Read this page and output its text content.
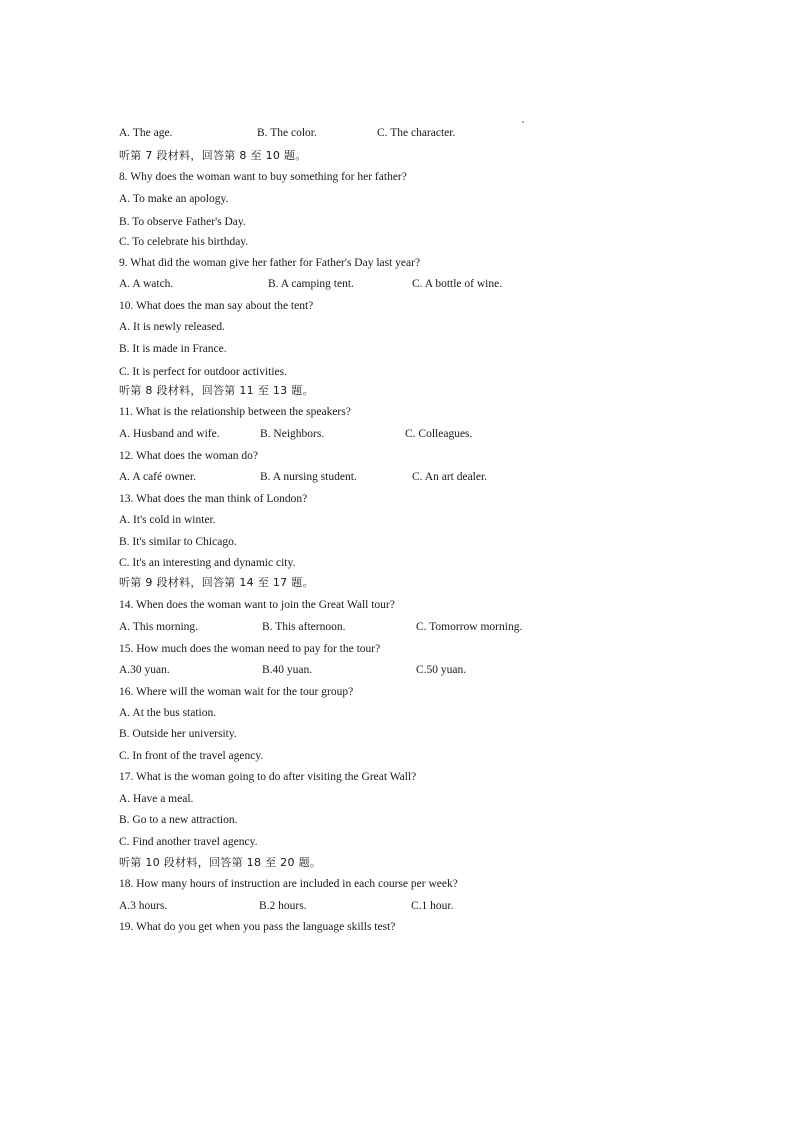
A. The age.	B. The color.	C. The character.
听第 7 段材料，回答第 8 至 10 题。
8. Why does the woman want to buy something for her father?
A. To make an apology.
B. To observe Father's Day.
C. To celebrate his birthday.
9. What did the woman give her father for Father's Day last year?
A. A watch.	B. A camping tent.	C. A bottle of wine.
10. What does the man say about the tent?
A. It is newly released.
B. It is made in France.
C. It is perfect for outdoor activities.
听第 8 段材料，回答第 11 至 13 题。
11. What is the relationship between the speakers?
A. Husband and wife.	B. Neighbors.	C. Colleagues.
12. What does the woman do?
A. A café owner.	B. A nursing student.	C. An art dealer.
13. What does the man think of London?
A. It's cold in winter.
B. It's similar to Chicago.
C. It's an interesting and dynamic city.
听第 9 段材料，回答第 14 至 17 题。
14. When does the woman want to join the Great Wall tour?
A. This morning.	B. This afternoon.	C. Tomorrow morning.
15. How much does the woman need to pay for the tour?
A.30 yuan.	B.40 yuan.	C.50 yuan.
16. Where will the woman wait for the tour group?
A. At the bus station.
B. Outside her university.
C. In front of the travel agency.
17. What is the woman going to do after visiting the Great Wall?
A. Have a meal.
B. Go to a new attraction.
C. Find another travel agency.
听第 10 段材料，回答第 18 至 20 题。
18. How many hours of instruction are included in each course per week?
A.3 hours.	B.2 hours.	C.1 hour.
19. What do you get when you pass the language skills test?
